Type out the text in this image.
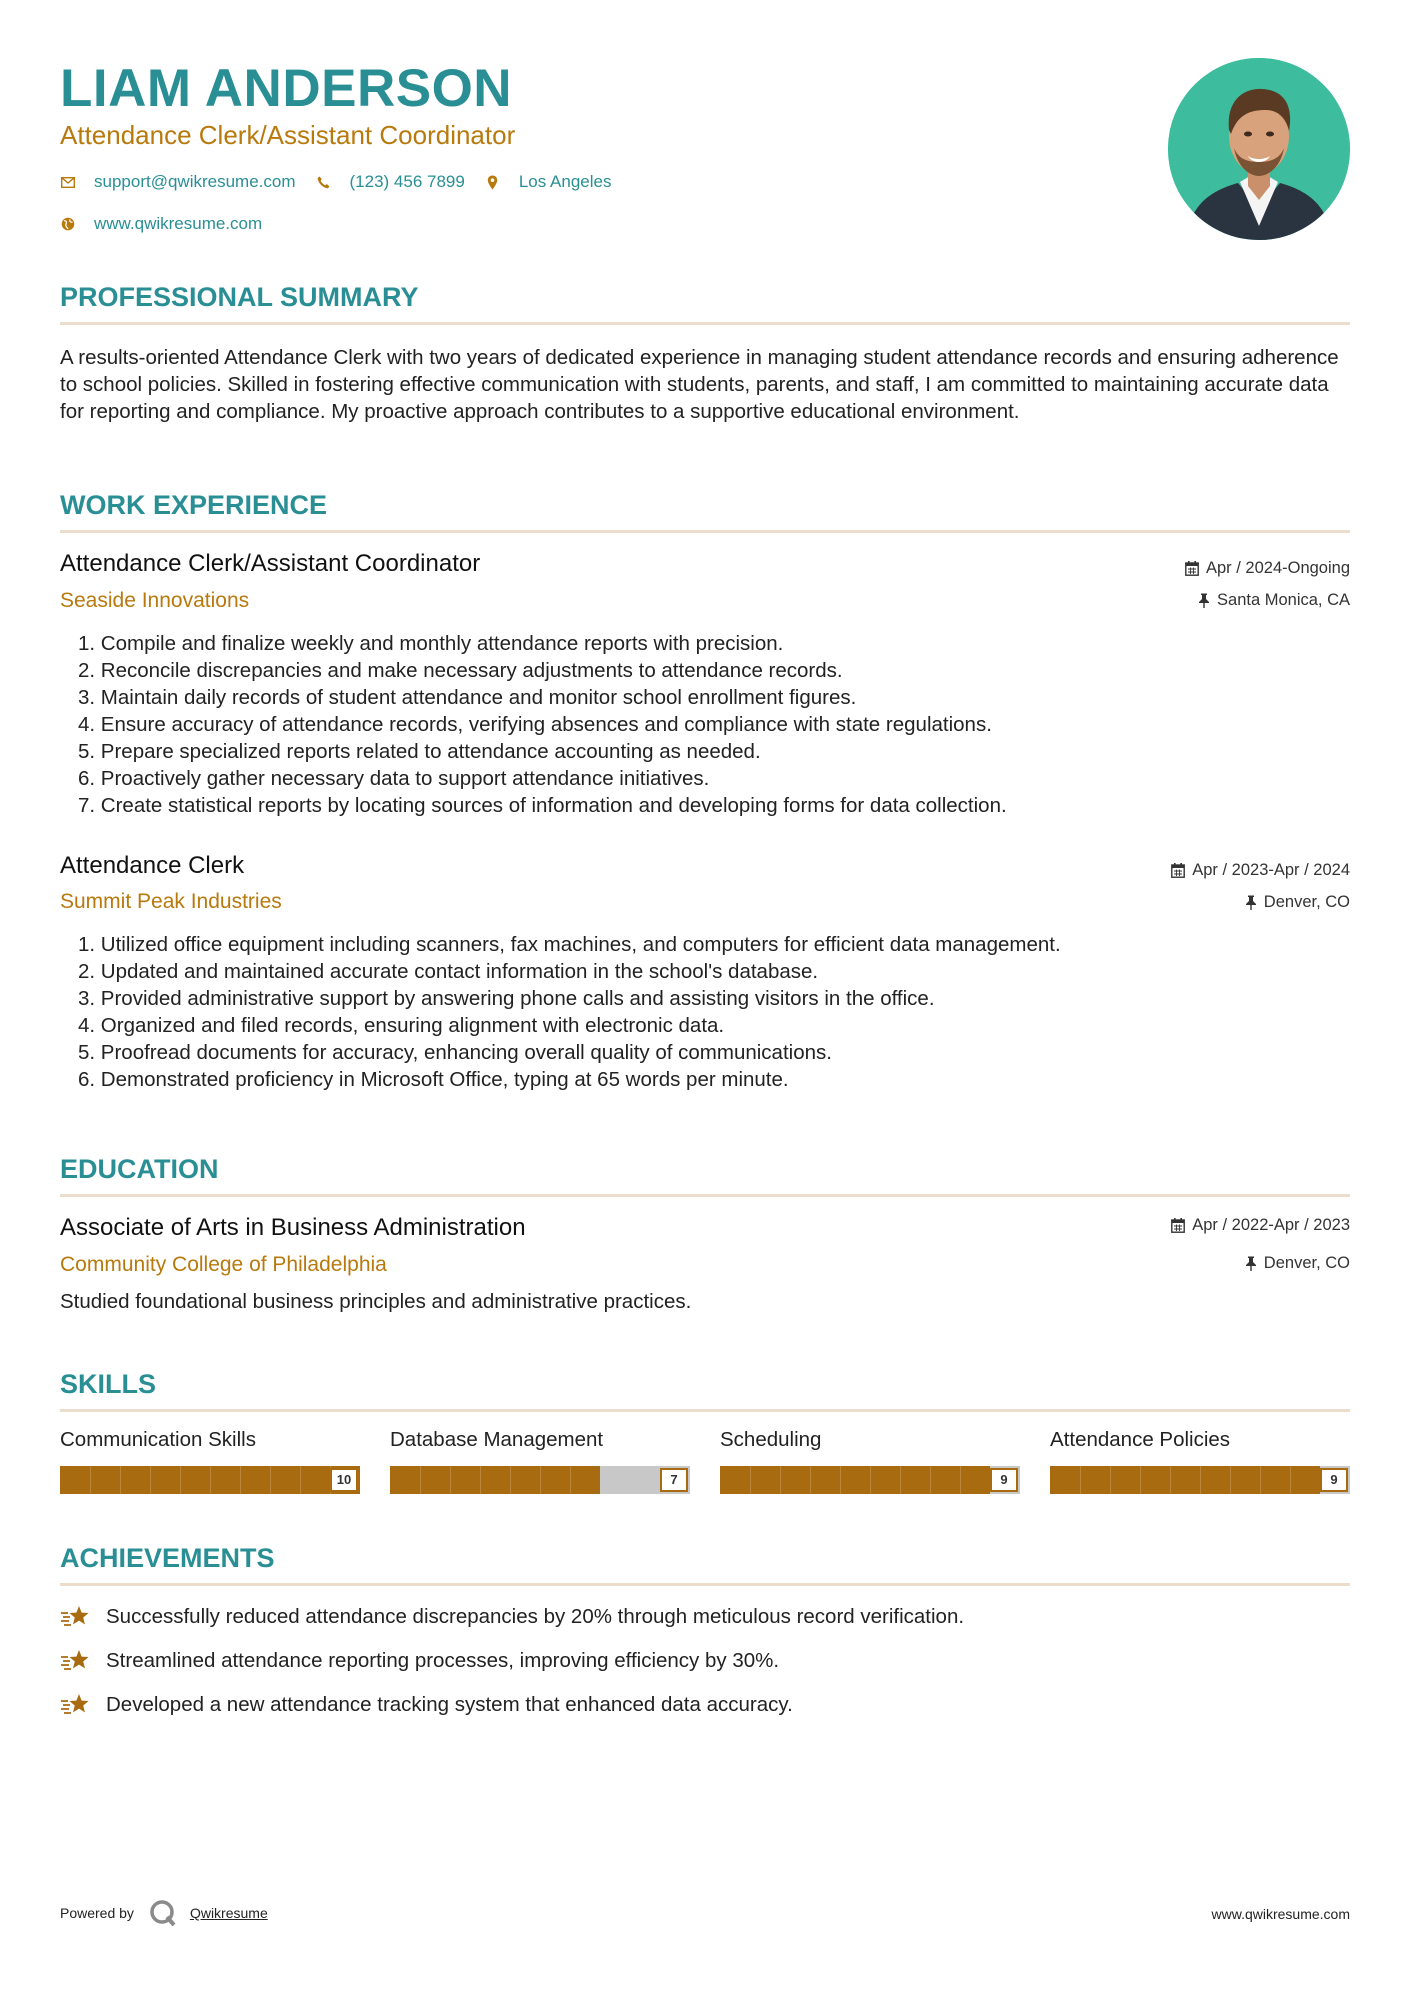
LIAM ANDERSON
Attendance Clerk/Assistant Coordinator
support@qwikresume.com	(123) 456 7899	Los Angeles
www.qwikresume.com
PROFESSIONAL SUMMARY

A results-oriented Attendance Clerk with two years of dedicated experience in managing student attendance records and ensuring adherence to school policies. Skilled in fostering effective communication with students, parents, and staff, I am committed to maintaining accurate data for reporting and compliance. My proactive approach contributes to a supportive educational environment.

WORK EXPERIENCE
Attendance Clerk/Assistant Coordinator
Seaside Innovations
Apr / 2024-Ongoing
Santa Monica, CA
1. Compile and finalize weekly and monthly attendance reports with precision.
2. Reconcile discrepancies and make necessary adjustments to attendance records.
3. Maintain daily records of student attendance and monitor school enrollment figures.
4. Ensure accuracy of attendance records, verifying absences and compliance with state regulations.
5. Prepare specialized reports related to attendance accounting as needed.
6. Proactively gather necessary data to support attendance initiatives.
7. Create statistical reports by locating sources of information and developing forms for data collection.
Attendance Clerk
Summit Peak Industries
Apr / 2023-Apr / 2024
Denver, CO
1. Utilized office equipment including scanners, fax machines, and computers for efficient data management.
2. Updated and maintained accurate contact information in the school's database.
3. Provided administrative support by answering phone calls and assisting visitors in the office.
4. Organized and filed records, ensuring alignment with electronic data.
5. Proofread documents for accuracy, enhancing overall quality of communications.
6. Demonstrated proficiency in Microsoft Office, typing at 65 words per minute.
EDUCATION
Associate of Arts in Business Administration
Community College of Philadelphia
Apr / 2022-Apr / 2023
Denver, CO
Studied foundational business principles and administrative practices.
SKILLS
Communication Skills
10
Database Management
7
Scheduling
9
Attendance Policies
9
ACHIEVEMENTS
Successfully reduced attendance discrepancies by 20% through meticulous record verification.
Streamlined attendance reporting processes, improving efficiency by 30%.
Developed a new attendance tracking system that enhanced data accuracy.
Powered by	Qwikresume	www.qwikresume.com
